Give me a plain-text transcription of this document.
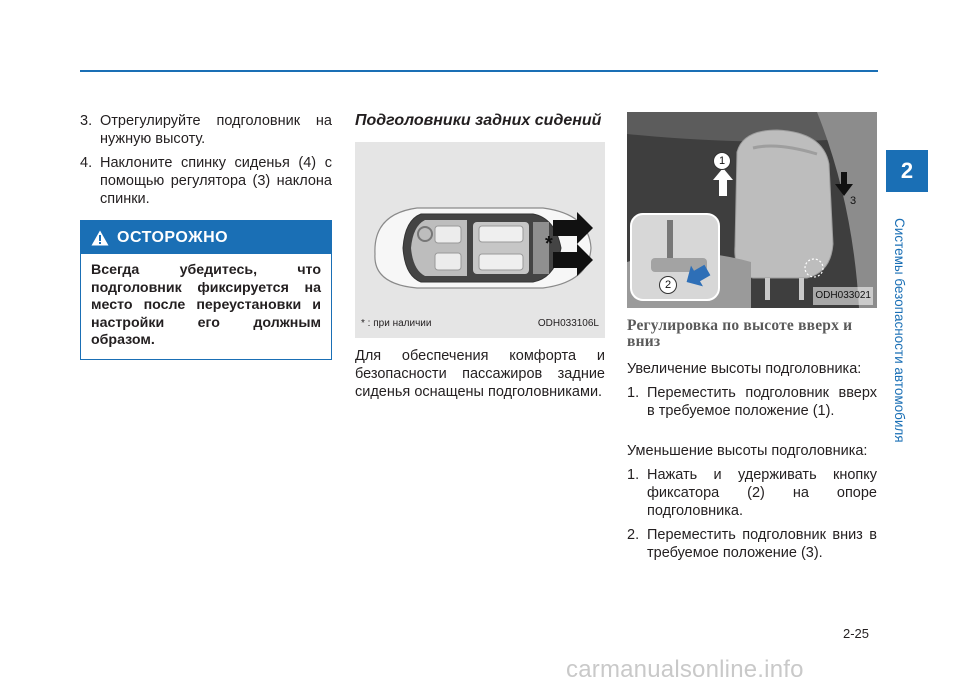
3. Отрегулируйте подголовник на нужную высоту.
4. Наклоните спинку сиденья (4) с помощью регулятора (3) наклона спинки.
ОСТОРОЖНО
Всегда убедитесь, что подголовник фиксируется на место после переустановки и настройки его должным образом.
Подголовники задних сидений
*
* : при наличии	ODH033106L
Для обеспечения комфорта и безопасности пассажиров задние сиденья оснащены подголовниками.
1
2
3
ODH033021
Регулировка по высоте вверх и вниз
Увеличение высоты подголовника:
1. Переместить подголовник вверх в требуемое положение (1).
Уменьшение высоты подголовника:
1. Нажать и удерживать кнопку фиксатора (2) на опоре подголовника.
2. Переместить подголовник вниз в требуемое положение (3).
2
Системы безопасности автомобиля
2-25
carmanualsonline.info
